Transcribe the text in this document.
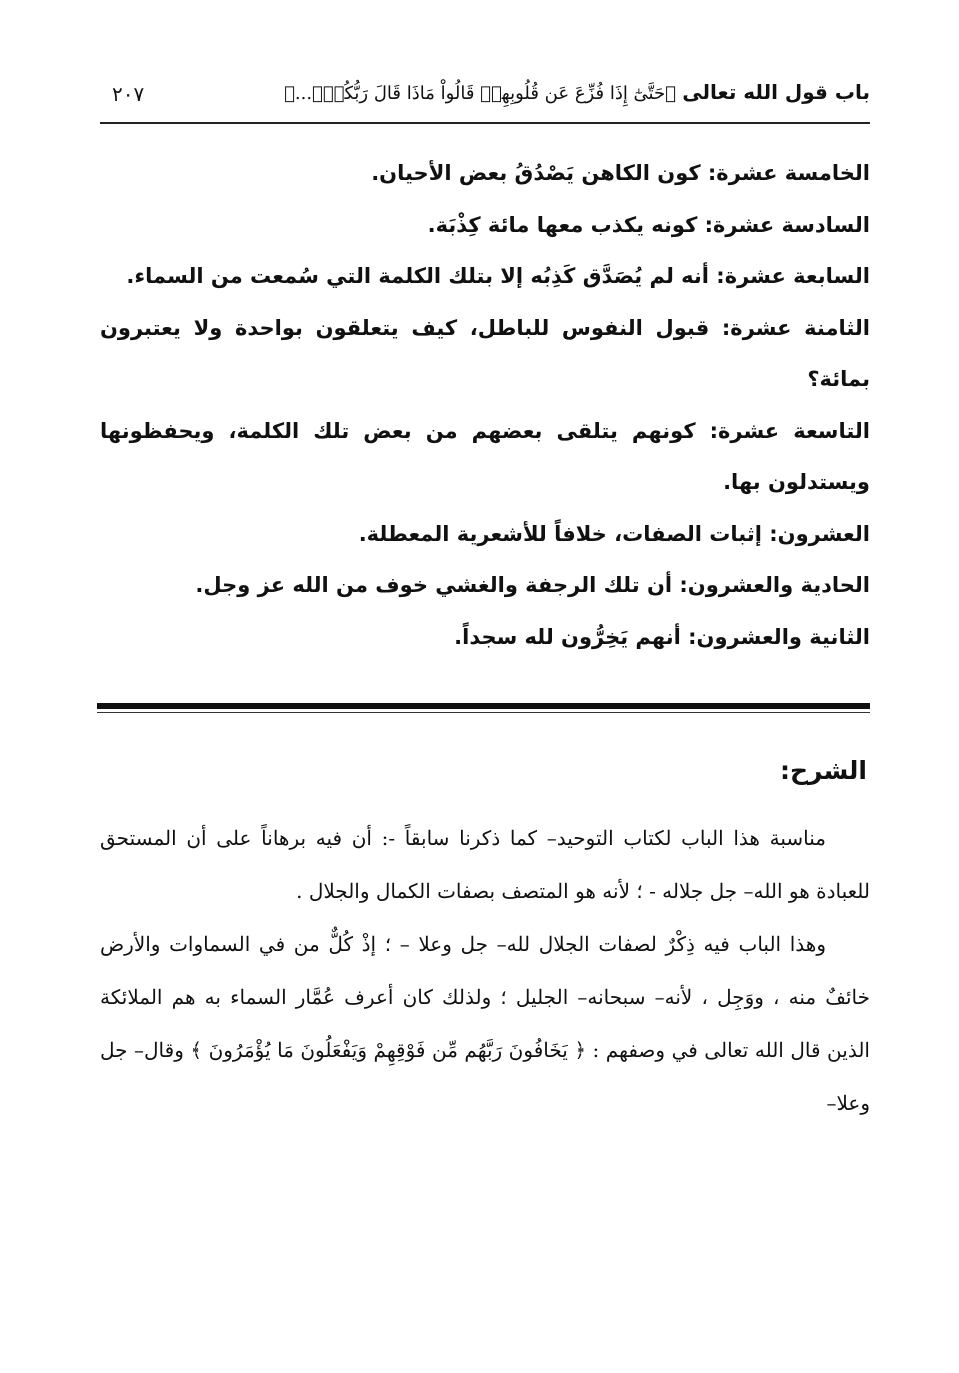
باب قول الله تعالى ﴿حَتَّىٰٓ إِذَا فُزِّعَ عَن قُلُوبِهِمۡ قَالُواْ مَاذَا قَالَ رَبُّكُمۡۖ...﴾
٢٠٧

الخامسة عشرة: كون الكاهن يَصْدُقُ بعض الأحيان.

السادسة عشرة: كونه يكذب معها مائة كِذْبَة.

السابعة عشرة: أنه لم يُصَدَّق كَذِبُه إلا بتلك الكلمة التي سُمعت من السماء.

الثامنة عشرة: قبول النفوس للباطل، كيف يتعلقون بواحدة ولا يعتبرون بمائة؟

التاسعة عشرة: كونهم يتلقى بعضهم من بعض تلك الكلمة، ويحفظونها ويستدلون بها.

العشرون: إثبات الصفات، خلافاً للأشعرية المعطلة.

الحادية والعشرون: أن تلك الرجفة والغشي خوف من الله عز وجل.

الثانية والعشرون: أنهم يَخِرُّون لله سجداً.

الشرح:

مناسبة هذا الباب لكتاب التوحيد– كما ذكرنا سابقاً -: أن فيه برهاناً على أن المستحق للعبادة هو الله– جل جلاله - ؛ لأنه هو المتصف بصفات الكمال والجلال .

وهذا الباب فيه ذِكْرٌ لصفات الجلال لله– جل وعلا – ؛ إذْ كُلٌّ من في السماوات والأرض خائفٌ منه ، ووَجِل ، لأنه– سبحانه– الجليل ؛ ولذلك كان أعرف عُمَّار السماء به هم الملائكة الذين قال الله تعالى في وصفهم : ﴿ يَخَافُونَ رَبَّهُم مِّن فَوْقِهِمْ وَيَفْعَلُونَ مَا يُؤْمَرُونَ ﴾ وقال– جل وعلا–
